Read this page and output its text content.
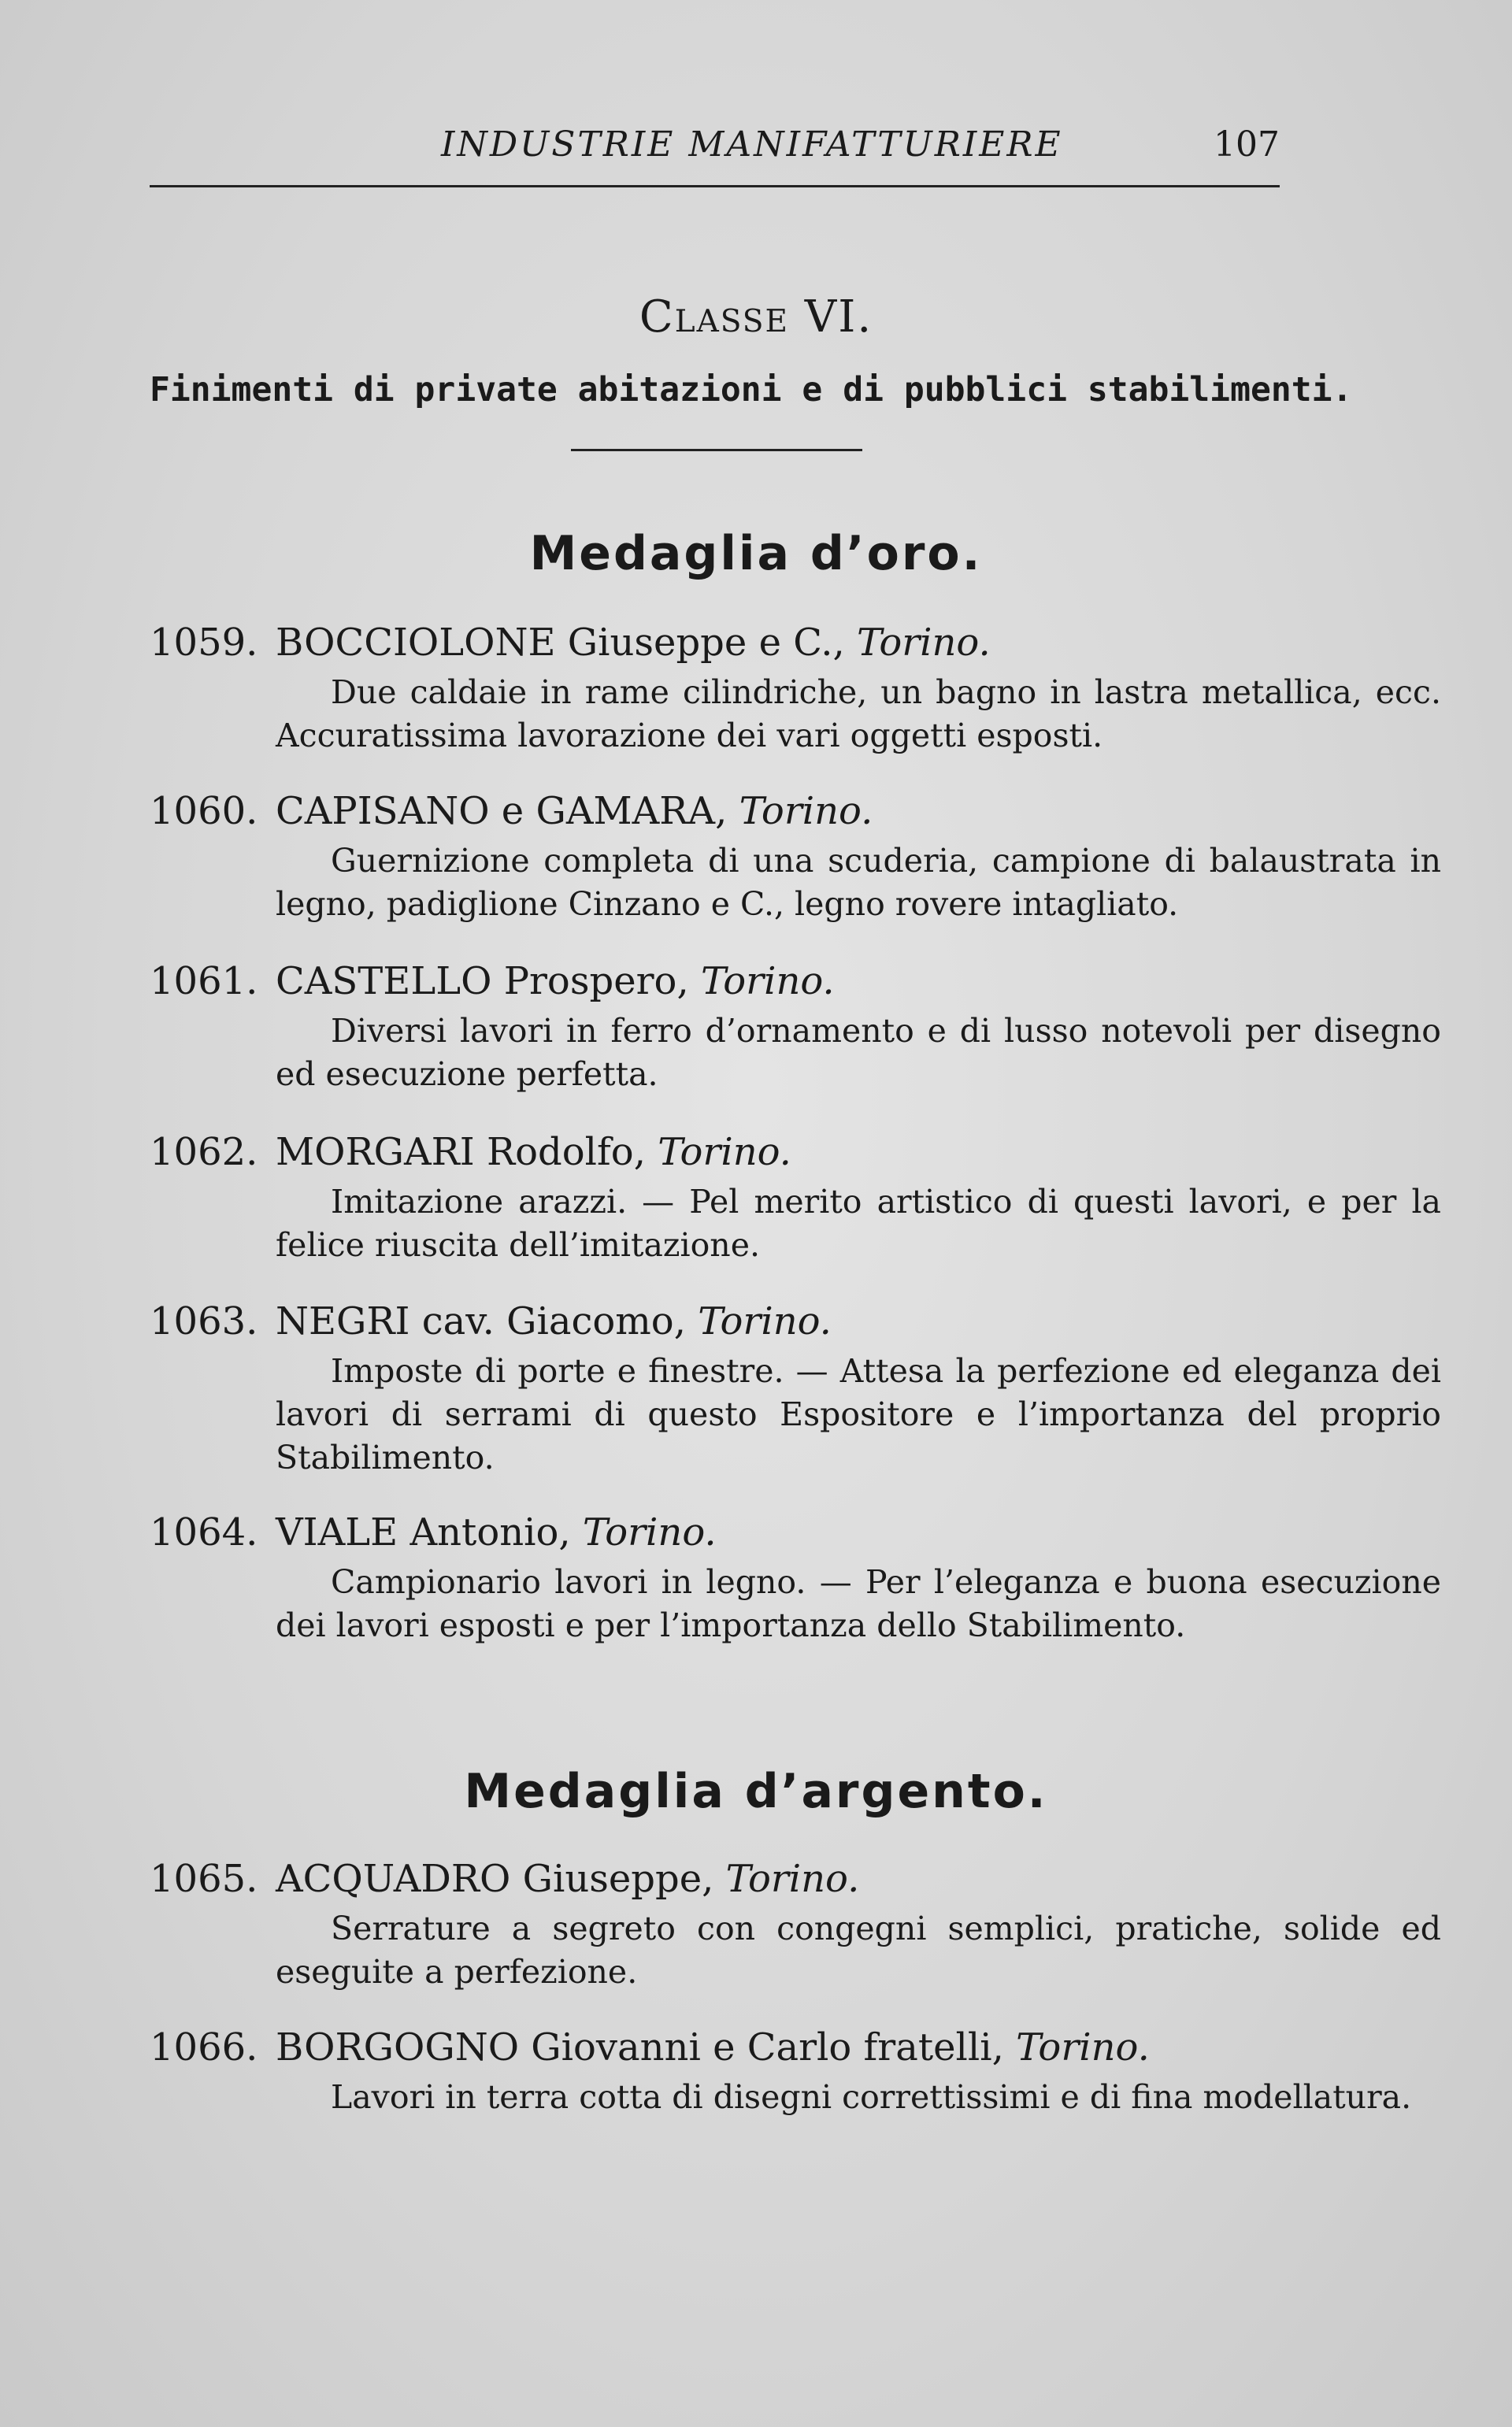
INDUSTRIE MANIFATTURIERE	107
Classe VI.
Finimenti di private abitazioni e di pubblici stabilimenti.
Medaglia d’oro.
1059. BOCCIOLONE Giuseppe e C., Torino.
Due caldaie in rame cilindriche, un bagno in lastra metallica, ecc. Accuratissima lavorazione dei vari oggetti esposti.
1060. CAPISANO e GAMARA, Torino.
Guernizione completa di una scuderia, campione di balaustrata in legno, padiglione Cinzano e C., legno rovere intagliato.
1061. CASTELLO Prospero, Torino.
Diversi lavori in ferro d’ornamento e di lusso notevoli per disegno ed esecuzione perfetta.
1062. MORGARI Rodolfo, Torino.
Imitazione arazzi. — Pel merito artistico di questi lavori, e per la felice riuscita dell’imitazione.
1063. NEGRI cav. Giacomo, Torino.
Imposte di porte e finestre. — Attesa la perfezione ed eleganza dei lavori di serrami di questo Espositore e l’importanza del proprio Stabilimento.
1064. VIALE Antonio, Torino.
Campionario lavori in legno. — Per l’eleganza e buona esecuzione dei lavori esposti e per l’importanza dello Stabilimento.
Medaglia d’argento.
1065. ACQUADRO Giuseppe, Torino.
Serrature a segreto con congegni semplici, pratiche, solide ed eseguite a perfezione.
1066. BORGOGNO Giovanni e Carlo fratelli, Torino.
Lavori in terra cotta di disegni correttissimi e di fina modellatura.
